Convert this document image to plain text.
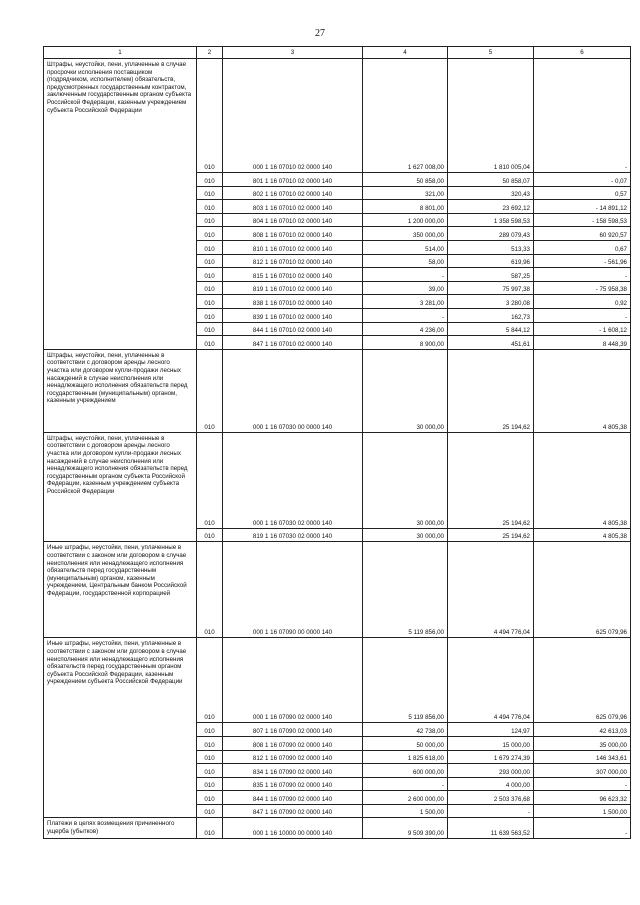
27
1	2	3	4	5	6
Штрафы, неустойки, пени, уплаченные в случае просрочки исполнения поставщиком (подрядчиком, исполнителем) обязательств, предусмотренных государственным контрактом, заключенным государственным органом субъекта Российской Федерации, казенным учреждением субъекта Российской Федерации	010	000 1 16 07010 02 0000 140	1 627 008,00	1 810 005,04	-
	010	801 1 16 07010 02 0000 140	50 858,00	50 858,07	- 0,07
	010	802 1 16 07010 02 0000 140	321,00	320,43	0,57
	010	803 1 16 07010 02 0000 140	8 801,00	23 692,12	- 14 891,12
	010	804 1 16 07010 02 0000 140	1 200 000,00	1 358 598,53	- 158 598,53
	010	808 1 16 07010 02 0000 140	350 000,00	289 079,43	60 920,57
	010	810 1 16 07010 02 0000 140	514,00	513,33	0,67
	010	812 1 16 07010 02 0000 140	58,00	619,96	- 561,96
	010	815 1 16 07010 02 0000 140	-	587,25	-
	010	819 1 16 07010 02 0000 140	39,00	75 997,38	- 75 958,38
	010	838 1 16 07010 02 0000 140	3 281,00	3 280,08	0,92
	010	839 1 16 07010 02 0000 140	-	162,73	-
	010	844 1 16 07010 02 0000 140	4 236,00	5 844,12	- 1 608,12
	010	847 1 16 07010 02 0000 140	8 900,00	451,61	8 448,39
Штрафы, неустойки, пени, уплаченные в соответствии с договором аренды лесного участка или договором купли-продажи лесных насаждений в случае неисполнения или ненадлежащего исполнения обязательств перед государственным (муниципальным) органом, казенным учреждением	010	000 1 16 07030 00 0000 140	30 000,00	25 194,62	4 805,38
Штрафы, неустойки, пени, уплаченные в соответствии с договором аренды лесного участка или договором купли-продажи лесных насаждений в случае неисполнения или ненадлежащего исполнения обязательств перед государственным органом субъекта Российской Федерации, казенным учреждением субъекта Российской Федерации	010	000 1 16 07030 02 0000 140	30 000,00	25 194,62	4 805,38
	010	819 1 16 07030 02 0000 140	30 000,00	25 194,62	4 805,38
Иные штрафы, неустойки, пени, уплаченные в соответствии с законом или договором в случае неисполнения или ненадлежащего исполнения обязательств перед государственным (муниципальным) органом, казенным учреждением, Центральным банком Российской Федерации, государственной корпорацией	010	000 1 16 07090 00 0000 140	5 119 856,00	4 494 776,04	625 079,96
Иные штрафы, неустойки, пени, уплаченные в соответствии с законом или договором в случае неисполнения или ненадлежащего исполнения обязательств перед государственным органом субъекта Российской Федерации, казенным учреждением субъекта Российской Федерации	010	000 1 16 07090 02 0000 140	5 119 856,00	4 494 776,04	625 079,96
	010	807 1 16 07090 02 0000 140	42 738,00	124,97	42 613,03
	010	808 1 16 07090 02 0000 140	50 000,00	15 000,00	35 000,00
	010	812 1 16 07090 02 0000 140	1 825 618,00	1 679 274,39	146 343,61
	010	834 1 16 07090 02 0000 140	600 000,00	293 000,00	307 000,00
	010	835 1 16 07090 02 0000 140	-	4 000,00	-
	010	844 1 16 07090 02 0000 140	2 600 000,00	2 503 376,68	96 623,32
	010	847 1 16 07090 02 0000 140	1 500,00	-	1 500,00
Платежи в целях возмещения причиненного ущерба (убытков)	010	000 1 16 10000 00 0000 140	9 509 390,00	11 639 563,52	-
